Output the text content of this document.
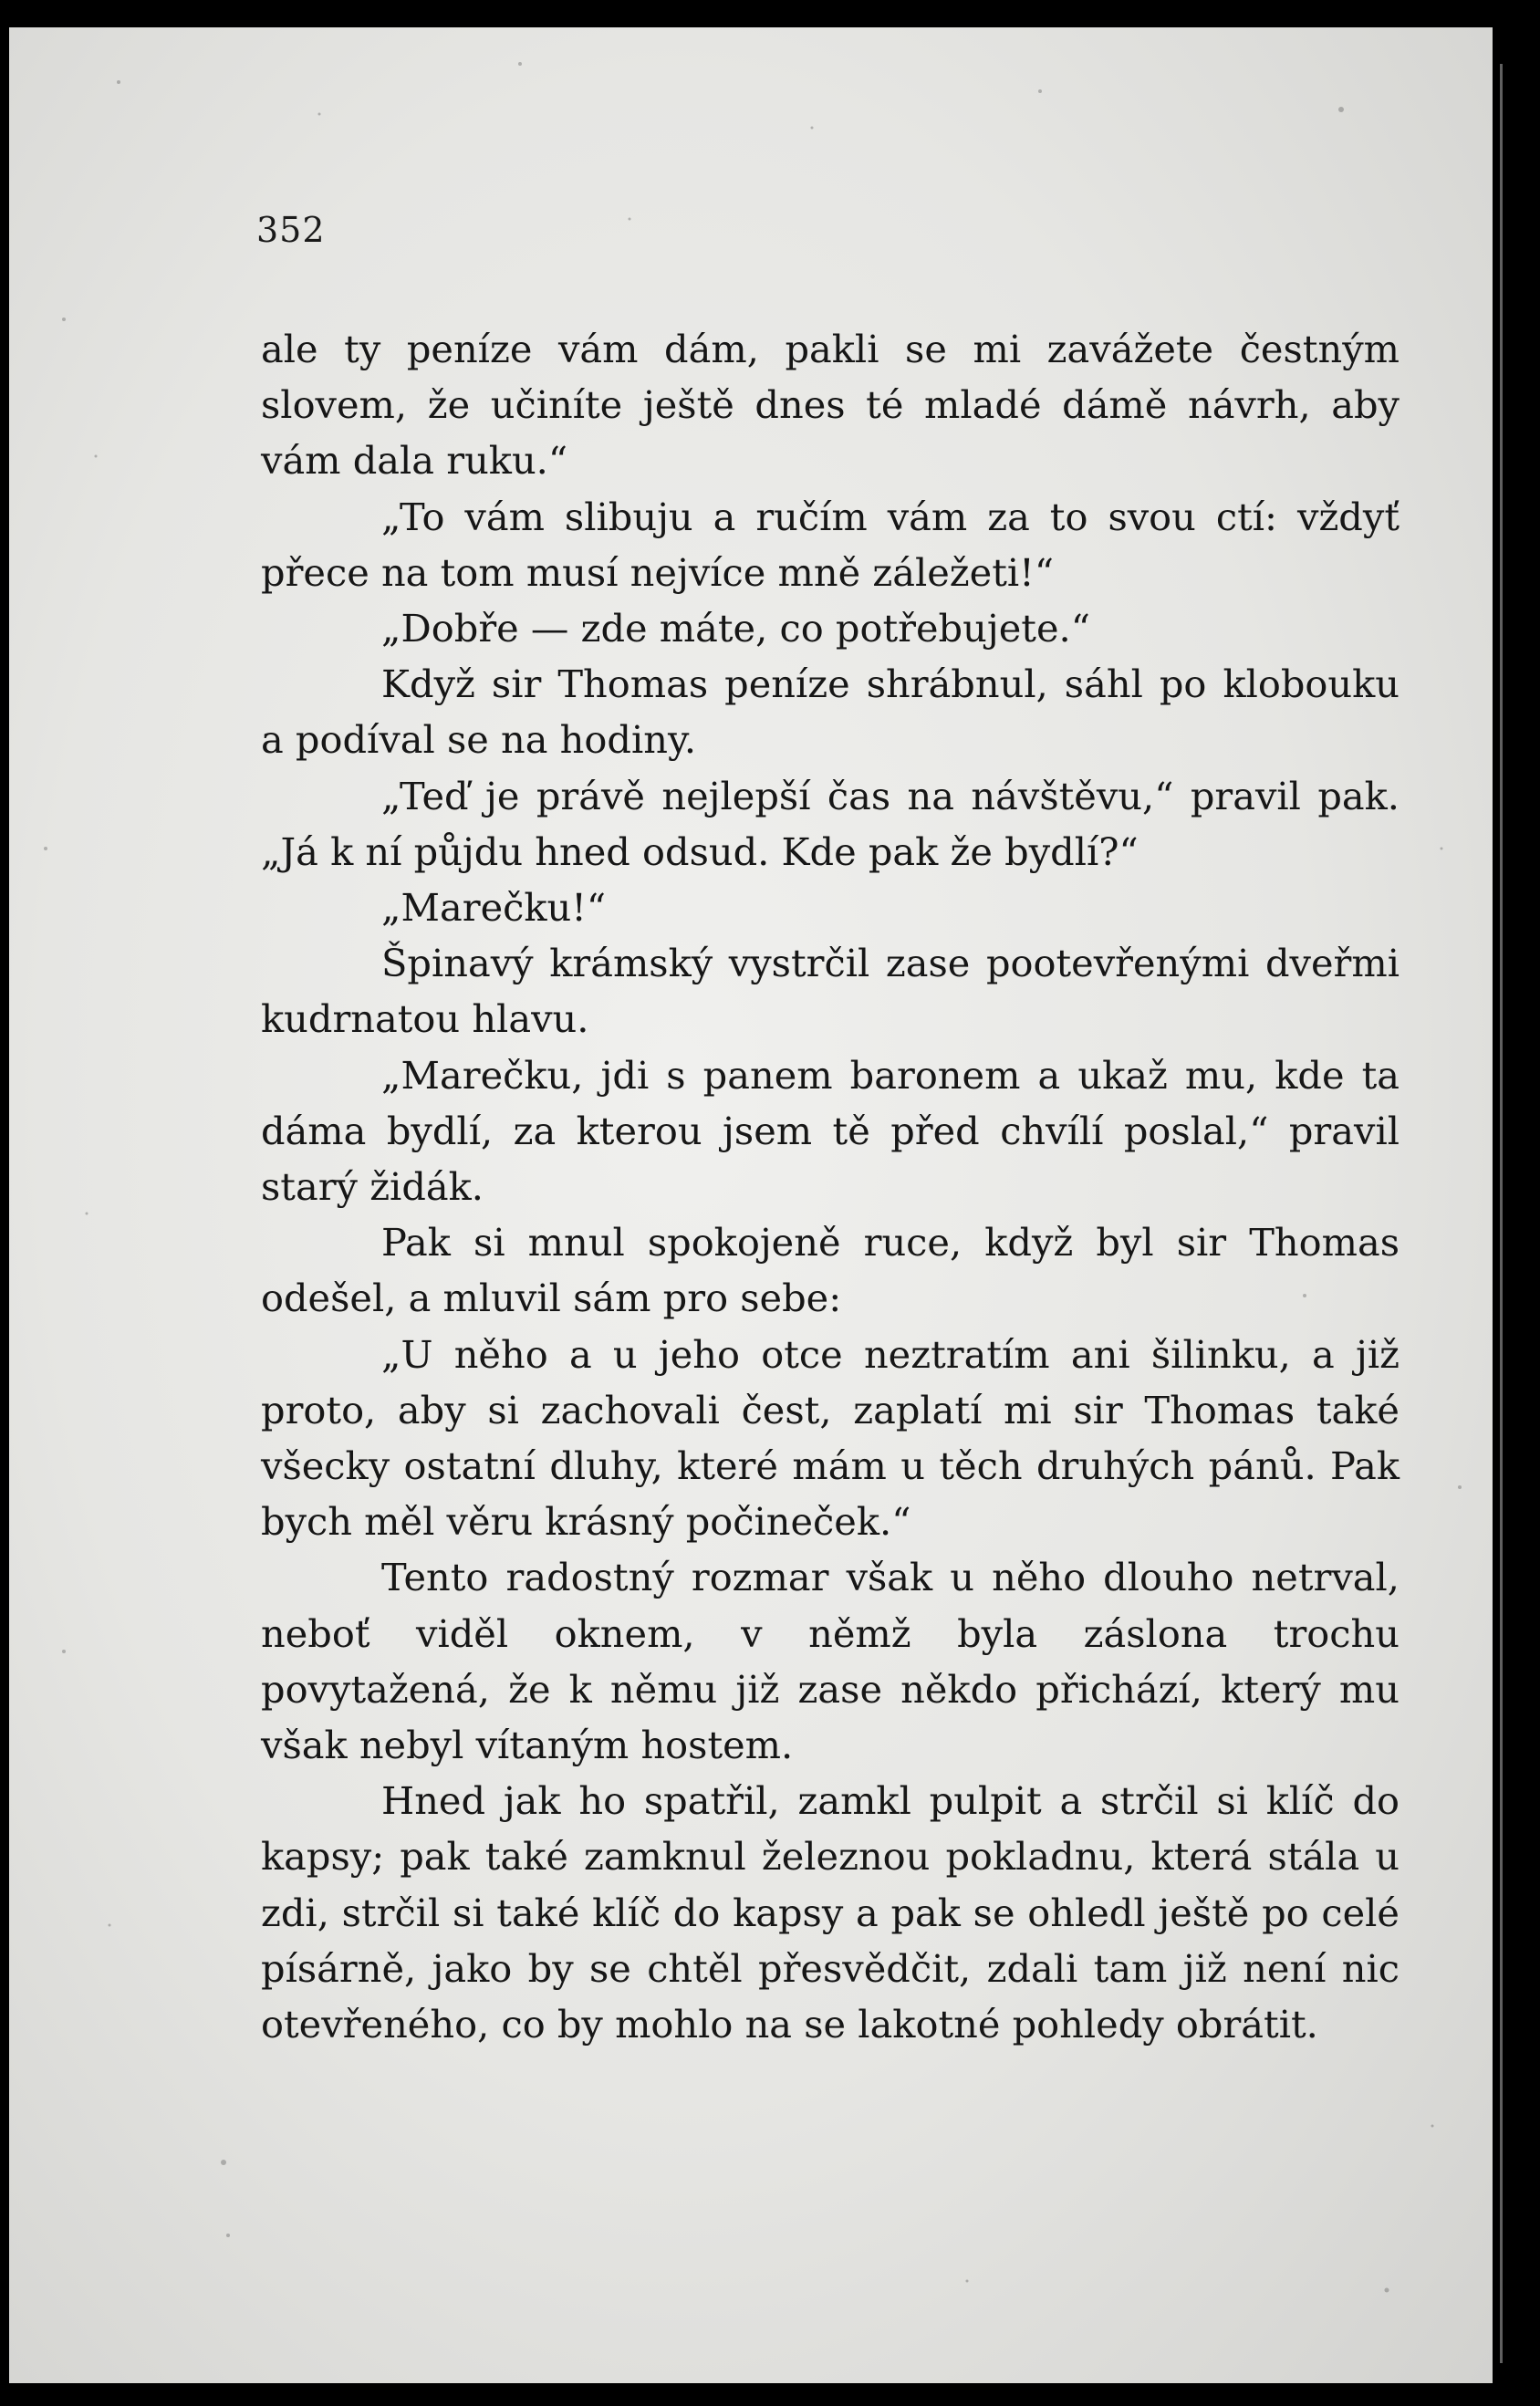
352

ale ty peníze vám dám, pakli se mi zavážete čestným slovem, že učiníte ještě dnes té mladé dámě návrh, aby vám dala ruku.“

„To vám slibuju a ručím vám za to svou ctí: vždyť přece na tom musí nejvíce mně záležeti!“

„Dobře — zde máte, co potřebujete.“

Když sir Thomas peníze shrábnul, sáhl po klobouku a podíval se na hodiny.

„Teď je právě nejlepší čas na návštěvu,“ pravil pak. „Já k ní půjdu hned odsud. Kde pak že bydlí?“

„Marečku!“

Špinavý krámský vystrčil zase pootevřenými dveřmi kudrnatou hlavu.

„Marečku, jdi s panem baronem a ukaž mu, kde ta dáma bydlí, za kterou jsem tě před chvílí poslal,“ pravil starý židák.

Pak si mnul spokojeně ruce, když byl sir Thomas odešel, a mluvil sám pro sebe:

„U něho a u jeho otce neztratím ani šilinku, a již proto, aby si zachovali čest, zaplatí mi sir Thomas také všecky ostatní dluhy, které mám u těch druhých pánů. Pak bych měl věru krásný počineček.“

Tento radostný rozmar však u něho dlouho netrval, neboť viděl oknem, v němž byla záslona trochu povytažená, že k němu již zase někdo přichází, který mu však nebyl vítaným hostem.

Hned jak ho spatřil, zamkl pulpit a strčil si klíč do kapsy; pak také zamknul železnou pokladnu, která stála u zdi, strčil si také klíč do kapsy a pak se ohledl ještě po celé písárně, jako by se chtěl přesvědčit, zdali tam již není nic otevřeného, co by mohlo na se lakotné pohledy obrátit.
